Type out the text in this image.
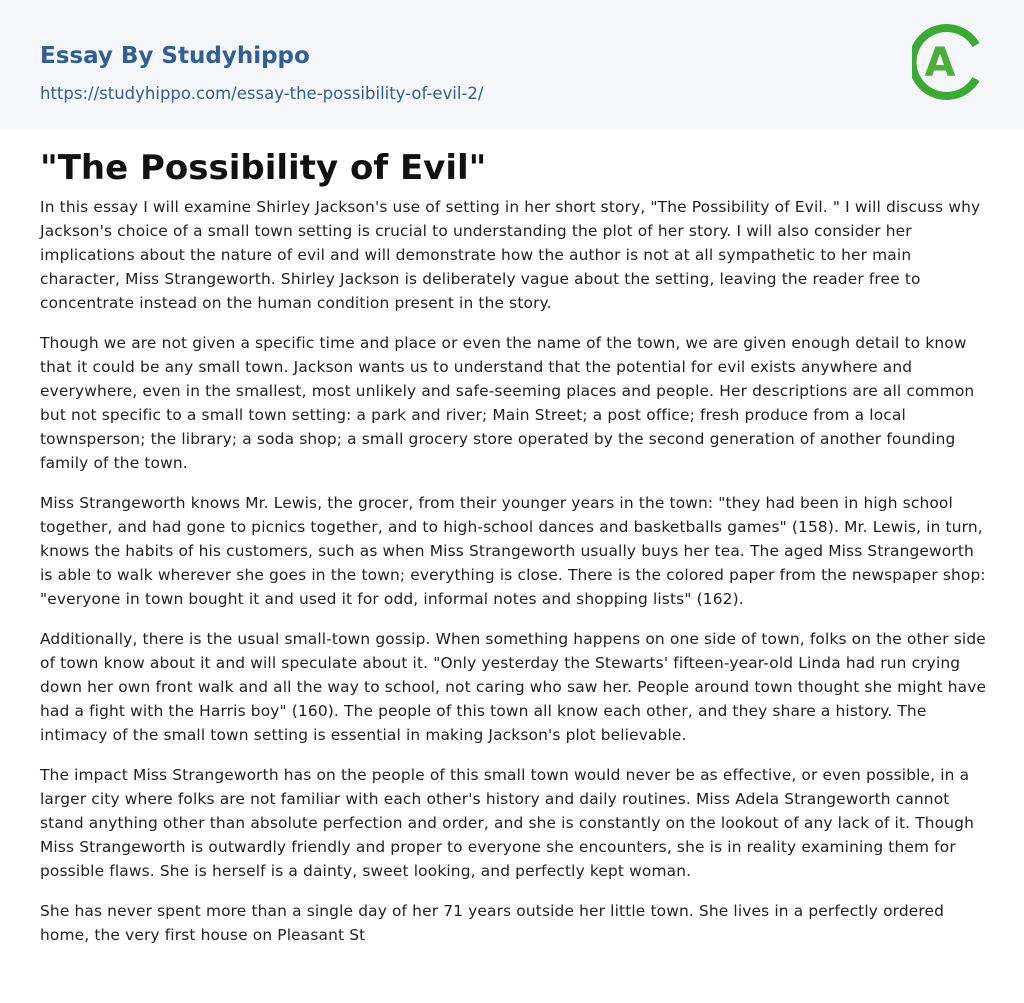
Essay By Studyhippo
https://studyhippo.com/essay-the-possibility-of-evil-2/
A
"The Possibility of Evil"

In this essay I will examine Shirley Jackson's use of setting in her short story, "The Possibility of Evil. " I will discuss why Jackson's choice of a small town setting is crucial to understanding the plot of her story. I will also consider her implications about the nature of evil and will demonstrate how the author is not at all sympathetic to her main character, Miss Strangeworth. Shirley Jackson is deliberately vague about the setting, leaving the reader free to concentrate instead on the human condition present in the story.

Though we are not given a specific time and place or even the name of the town, we are given enough detail to know that it could be any small town. Jackson wants us to understand that the potential for evil exists anywhere and everywhere, even in the smallest, most unlikely and safe-seeming places and people. Her descriptions are all common but not specific to a small town setting: a park and river; Main Street; a post office; fresh produce from a local townsperson; the library; a soda shop; a small grocery store operated by the second generation of another founding family of the town.

Miss Strangeworth knows Mr. Lewis, the grocer, from their younger years in the town: "they had been in high school together, and had gone to picnics together, and to high-school dances and basketballs games" (158). Mr. Lewis, in turn, knows the habits of his customers, such as when Miss Strangeworth usually buys her tea. The aged Miss Strangeworth is able to walk wherever she goes in the town; everything is close. There is the colored paper from the newspaper shop: "everyone in town bought it and used it for odd, informal notes and shopping lists" (162).

Additionally, there is the usual small-town gossip. When something happens on one side of town, folks on the other side of town know about it and will speculate about it. "Only yesterday the Stewarts' fifteen-year-old Linda had run crying down her own front walk and all the way to school, not caring who saw her. People around town thought she might have had a fight with the Harris boy" (160). The people of this town all know each other, and they share a history. The intimacy of the small town setting is essential in making Jackson's plot believable.

The impact Miss Strangeworth has on the people of this small town would never be as effective, or even possible, in a larger city where folks are not familiar with each other's history and daily routines. Miss Adela Strangeworth cannot stand anything other than absolute perfection and order, and she is constantly on the lookout of any lack of it. Though Miss Strangeworth is outwardly friendly and proper to everyone she encounters, she is in reality examining them for possible flaws. She is herself is a dainty, sweet looking, and perfectly kept woman.

She has never spent more than a single day of her 71 years outside her little town. She lives in a perfectly ordered home, the very first house on Pleasant St
